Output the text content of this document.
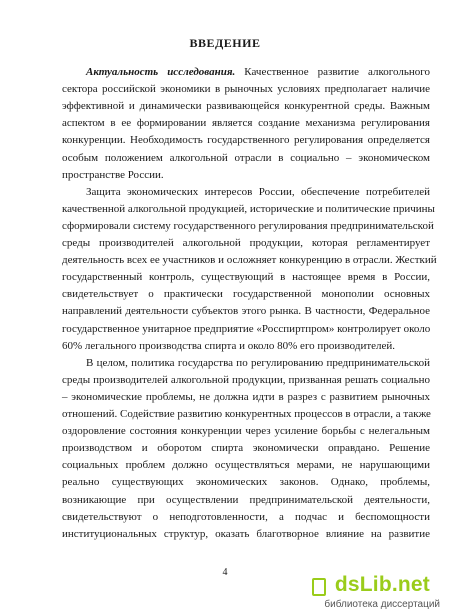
ВВЕДЕНИЕ
Актуальность исследования. Качественное развитие алкогольного
сектора российской экономики в рыночных условиях предполагает наличие
эффективной и динамически развивающейся конкурентной среды. Важным
аспектом в ее формировании является создание механизма регулирования
конкуренции. Необходимость государственного регулирования определяется
особым положением алкогольной отрасли в социально – экономическом
пространстве России.
Защита экономических интересов России, обеспечение потребителей
качественной алкогольной продукцией, исторические и политические причины
сформировали систему государственного регулирования предпринимательской
среды производителей алкогольной продукции, которая регламентирует
деятельность всех ее участников и осложняет конкуренцию в отрасли. Жесткий
государственный контроль, существующий в настоящее время в России,
свидетельствует о практически государственной монополии основных
направлений деятельности субъектов этого рынка. В частности, Федеральное
государственное унитарное предприятие «Росспиртпром» контролирует около
60% легального производства спирта и около 80% его производителей.
В целом, политика государства по регулированию предпринимательской
среды производителей алкогольной продукции, призванная решать социально
– экономические проблемы, не должна идти в разрез с развитием рыночных
отношений. Содействие развитию конкурентных процессов в отрасли, а также
оздоровление состояния конкуренции через усиление борьбы с нелегальным
производством и оборотом спирта экономически оправдано. Решение
социальных проблем должно осуществляться мерами, не нарушающими
реально существующих экономических законов. Однако, проблемы,
возникающие при осуществлении предпринимательской деятельности,
свидетельствуют о неподготовленности, а подчас и беспомощности
институциональных структур, оказать благотворное влияние на развитие
4
dsLib.net
библиотека диссертаций
